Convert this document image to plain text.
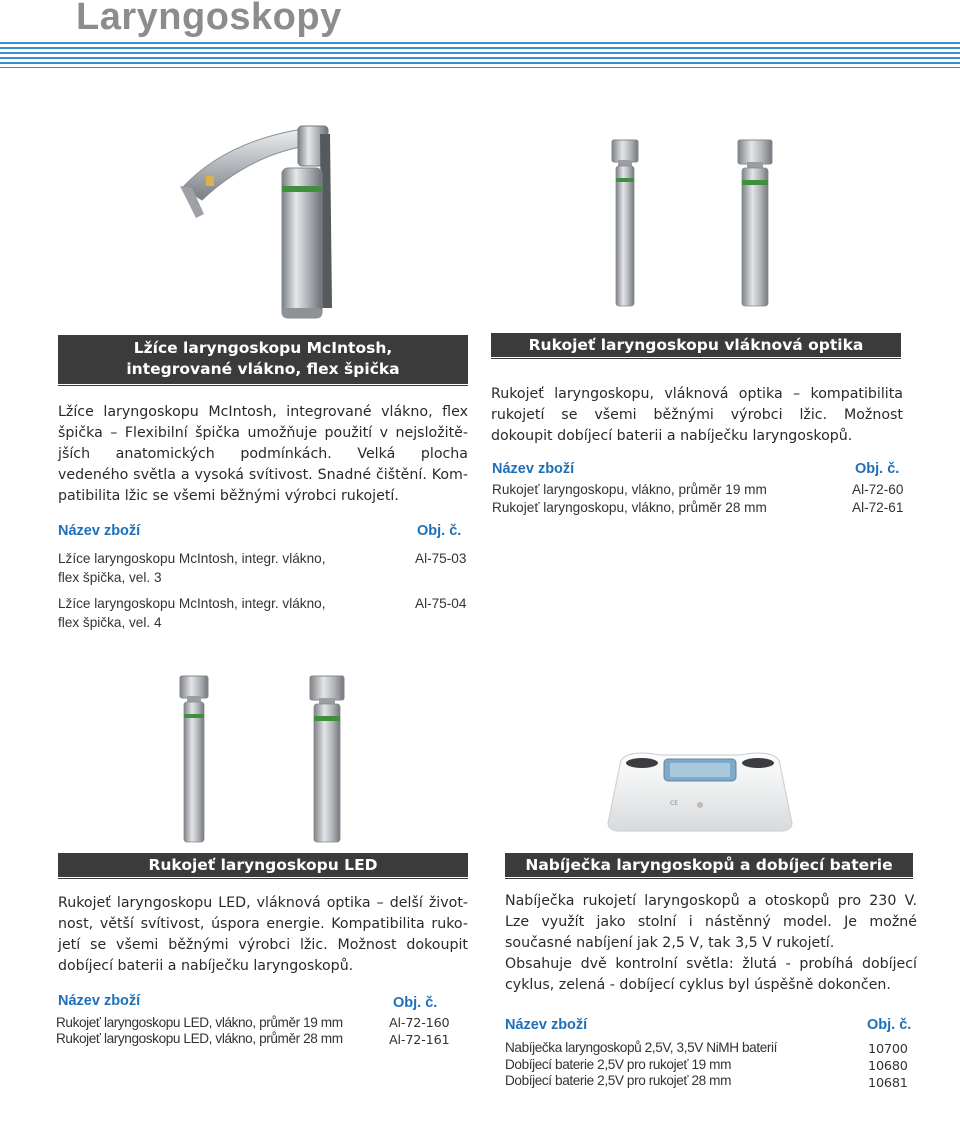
Laryngoskopy
Lžíce laryngoskopu McIntosh,
integrované vlákno, flex špička
Lžíce laryngoskopu McIntosh, integrované vlákno, flex
špička – Flexibilní špička umožňuje použití v nejsložitě-
jších anatomických podmínkách. Velká plocha
vedeného světla a vysoká svítivost. Snadné čištění. Kom-
patibilita lžic se všemi běžnými výrobci rukojetí.
Název zboží	Obj. č.
Lžíce laryngoskopu McIntosh, integr. vlákno,
flex špička, vel. 3
Al-75-03
Lžíce laryngoskopu McIntosh, integr. vlákno,
flex špička, vel. 4
Al-75-04
Rukojeť laryngoskopu vláknová optika
Rukojeť laryngoskopu, vláknová optika – kompatibilita
rukojetí se všemi běžnými výrobci lžic. Možnost
dokoupit dobíjecí baterii a nabíječku laryngoskopů.
Název zboží	Obj. č.
Rukojeť laryngoskopu, vlákno, průměr 19 mm	Al-72-60
Rukojeť laryngoskopu, vlákno, průměr 28 mm	Al-72-61
CE
Rukojeť laryngoskopu LED
Rukojeť laryngoskopu LED, vláknová optika – delší život-
nost, větší svítivost, úspora energie. Kompatibilita ruko-
jetí se všemi běžnými výrobci lžic. Možnost dokoupit
dobíjecí baterii a nabíječku laryngoskopů.
Název zboží	Obj. č.
Rukojeť laryngoskopu LED, vlákno, průměr 19 mm	Al-72-160
Rukojeť laryngoskopu LED, vlákno, průměr 28 mm	Al-72-161
Nabíječka laryngoskopů a dobíjecí baterie
Nabíječka rukojetí laryngoskopů a otoskopů pro 230 V.
Lze využít jako stolní i nástěnný model. Je možné
současné nabíjení jak 2,5 V, tak 3,5 V rukojetí.
Obsahuje dvě kontrolní světla: žlutá - probíhá dobíjecí
cyklus, zelená - dobíjecí cyklus byl úspěšně dokončen.
Název zboží	Obj. č.
Nabíječka laryngoskopů 2,5V, 3,5V NiMH baterií	10700
Dobíjecí baterie 2,5V pro rukojeť 19 mm	10680
Dobíjecí baterie 2,5V pro rukojeť 28 mm	10681
